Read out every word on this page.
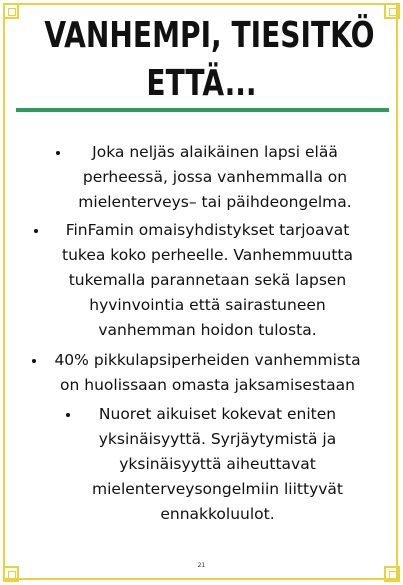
VANHEMPI, TIESITKÖ
ETTÄ...
Joka neljäs alaikäinen lapsi elää
perheessä, jossa vanhemmalla on
mielenterveys– tai päihdeongelma.
FinFamin omaisyhdistykset tarjoavat
tukea koko perheelle. Vanhemmuutta
tukemalla parannetaan sekä lapsen
hyvinvointia että sairastuneen
vanhemman hoidon tulosta.
40% pikkulapsiperheiden vanhemmista
on huolissaan omasta jaksamisestaan
Nuoret aikuiset kokevat eniten
yksinäisyyttä. Syrjäytymistä ja
yksinäisyyttä aiheuttavat
mielenterveysongelmiin liittyvät
ennakkoluulot.
21
